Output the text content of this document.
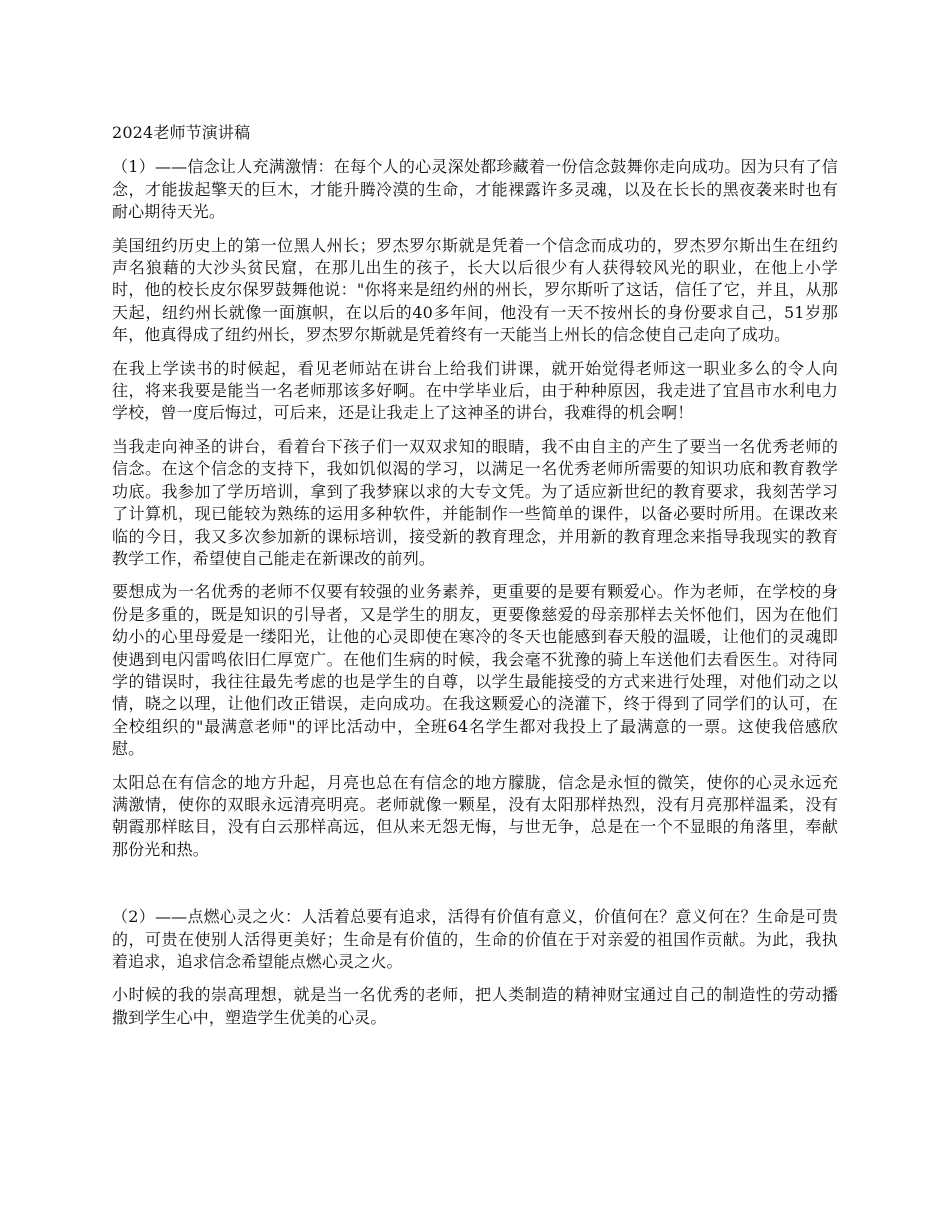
2024老师节演讲稿

（1）——信念让人充满激情：在每个人的心灵深处都珍藏着一份信念鼓舞你走向成功。因为只有了信念，才能拔起擎天的巨木，才能升腾冷漠的生命，才能裸露许多灵魂，以及在长长的黑夜袭来时也有耐心期待天光。

美国纽约历史上的第一位黑人州长；罗杰罗尔斯就是凭着一个信念而成功的，罗杰罗尔斯出生在纽约声名狼藉的大沙头贫民窟，在那儿出生的孩子，长大以后很少有人获得较风光的职业，在他上小学时，他的校长皮尔保罗鼓舞他说："你将来是纽约州的州长，罗尔斯听了这话，信任了它，并且，从那天起，纽约州长就像一面旗帜，在以后的40多年间，他没有一天不按州长的身份要求自己，51岁那年，他真得成了纽约州长，罗杰罗尔斯就是凭着终有一天能当上州长的信念使自己走向了成功。

在我上学读书的时候起，看见老师站在讲台上给我们讲课，就开始觉得老师这一职业多么的令人向往，将来我要是能当一名老师那该多好啊。在中学毕业后，由于种种原因，我走进了宜昌市水利电力学校，曾一度后悔过，可后来，还是让我走上了这神圣的讲台，我难得的机会啊！

当我走向神圣的讲台，看着台下孩子们一双双求知的眼睛，我不由自主的产生了要当一名优秀老师的信念。在这个信念的支持下，我如饥似渴的学习，以满足一名优秀老师所需要的知识功底和教育教学功底。我参加了学历培训，拿到了我梦寐以求的大专文凭。为了适应新世纪的教育要求，我刻苦学习了计算机，现已能较为熟练的运用多种软件，并能制作一些简单的课件，以备必要时所用。在课改来临的今日，我又多次参加新的课标培训，接受新的教育理念，并用新的教育理念来指导我现实的教育教学工作，希望使自己能走在新课改的前列。

要想成为一名优秀的老师不仅要有较强的业务素养，更重要的是要有颗爱心。作为老师，在学校的身份是多重的，既是知识的引导者，又是学生的朋友，更要像慈爱的母亲那样去关怀他们，因为在他们幼小的心里母爱是一缕阳光，让他的心灵即使在寒冷的冬天也能感到春天般的温暖，让他们的灵魂即使遇到电闪雷鸣依旧仁厚宽广。在他们生病的时候，我会毫不犹豫的骑上车送他们去看医生。对待同学的错误时，我往往最先考虑的也是学生的自尊，以学生最能接受的方式来进行处理，对他们动之以情，晓之以理，让他们改正错误，走向成功。在我这颗爱心的浇灌下，终于得到了同学们的认可，在全校组织的"最满意老师"的评比活动中，全班64名学生都对我投上了最满意的一票。这使我倍感欣慰。

太阳总在有信念的地方升起，月亮也总在有信念的地方朦胧，信念是永恒的微笑，使你的心灵永远充满激情，使你的双眼永远清亮明亮。老师就像一颗星，没有太阳那样热烈，没有月亮那样温柔，没有朝霞那样眩目，没有白云那样高远，但从来无怨无悔，与世无争，总是在一个不显眼的角落里，奉献那份光和热。

（2）——点燃心灵之火：人活着总要有追求，活得有价值有意义，价值何在？意义何在？生命是可贵的，可贵在使别人活得更美好；生命是有价值的，生命的价值在于对亲爱的祖国作贡献。为此，我执着追求，追求信念希望能点燃心灵之火。

小时候的我的崇高理想，就是当一名优秀的老师，把人类制造的精神财宝通过自己的制造性的劳动播撒到学生心中，塑造学生优美的心灵。
